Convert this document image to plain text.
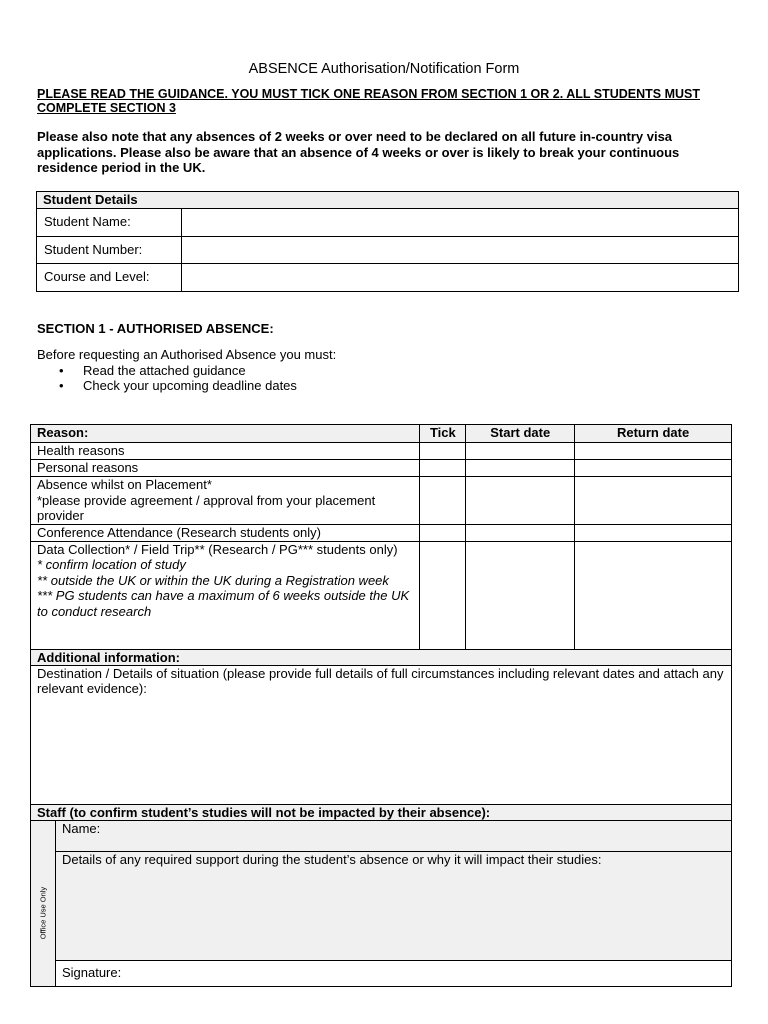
ABSENCE Authorisation/Notification Form
PLEASE READ THE GUIDANCE. YOU MUST TICK ONE REASON FROM SECTION 1 OR 2. ALL STUDENTS MUST COMPLETE SECTION 3
Please also note that any absences of 2 weeks or over need to be declared on all future in-country visa applications. Please also be aware that an absence of 4 weeks or over is likely to break your continuous residence period in the UK.
Student Details	
Student Name:	
Student Number:	
Course and Level:	
SECTION 1 - AUTHORISED ABSENCE:
Before requesting an Authorised Absence you must:
• Read the attached guidance
• Check your upcoming deadline dates
Reason:		Tick	Start date	Return date
Health reasons				
Personal reasons				

Absence whilst on Placement*
*please provide agreement / approval from your placement provider				

Conference Attendance (Research students only)				

Data Collection* / Field Trip** (Research / PG*** students only)
* confirm location of study
** outside the UK or within the UK during a Registration week
*** PG students can have a maximum of 6 weeks outside the UK to conduct research				

Additional information:				

Destination / Details of situation (please provide full details of full circumstances including relevant dates and attach any relevant evidence):				

Staff (to confirm student’s studies will not be impacted by their absence):				

Office Use Only	Name:			

	Details of any required support during the student’s absence or why it will impact their studies:			

	Signature:			
